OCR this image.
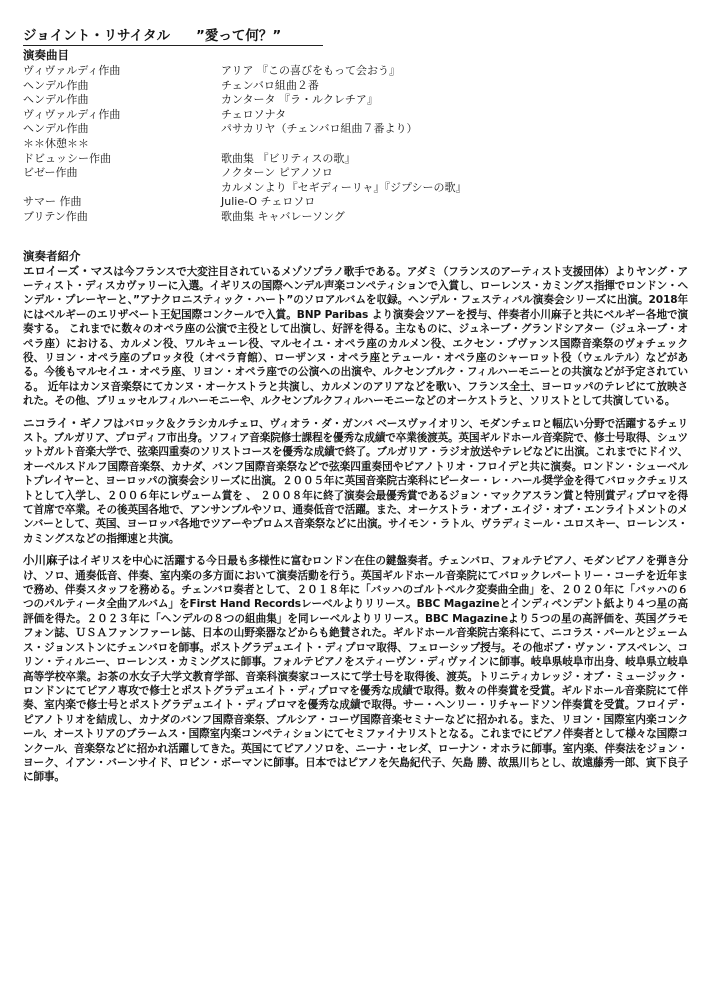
ジョイント・リサイタル ”愛って何？”
演奏曲目
ヴィヴァルディ作曲	アリア 『この喜びをもって会おう』
ヘンデル作曲	チェンバロ組曲２番
ヘンデル作曲	カンタータ 『ラ・ルクレチア』
ヴィヴァルディ作曲	チェロソナタ
ヘンデル作曲	パサカリヤ（チェンバロ組曲７番より）
＊＊休憩＊＊
ドビュッシー作曲	歌曲集 『ビリティスの歌』
ビゼー作曲	ノクターン ピアノソロ
カルメンより『セギディーリャ』『ジプシーの歌』
サマー 作曲	Julie-O チェロソロ
ブリテン作曲	歌曲集 キャバレーソング
演奏者紹介

エロイーズ・マスは今フランスで大変注目されているメゾソプラノ歌手である。アダミ（フランスのアーティスト支援団体）よりヤング・アーティスト・ディスカヴァリーに入選。イギリスの国際ヘンデル声楽コンペティションで入賞し、ローレンス・カミングス指揮でロンドン・ヘンデル・プレーヤーと、”アナクロニスティック・ハート”のソロアルバムを収録。ヘンデル・フェスティバル演奏会シリーズに出演。2018年にはベルギーのエリザベート王妃国際コンクールで入賞。BNP Paribas より演奏会ツアーを授与、伴奏者小川麻子と共にベルギー各地で演奏する。 これまでに数々のオペラ座の公演で主役として出演し、好評を得る。主なものに、ジュネーブ・グランドシアター（ジュネーブ・オペラ座）における、カルメン役、ワルキューレ役、マルセイユ・オペラ座のカルメン役、エクセン・プヴァンス国際音楽祭のヴォチェック役、リヨン・オペラ座のプロッタ役（オペラ育館）、ローザンヌ・オペラ座とテュール・オペラ座のシャーロット役（ウェルテル）などがある。今後もマルセイユ・オペラ座、リヨン・オペラ座での公演への出演や、ルクセンブルク・フィルハーモニーとの共演などが予定されている。 近年はカンヌ音楽祭にてカンヌ・オーケストラと共演し、カルメンのアリアなどを歌い、フランス全土、ヨーロッパのテレビにて放映された。その他、ブリュッセルフィルハーモニーや、ルクセンブルクフィルハーモニーなどのオーケストラと、ソリストとして共演している。

ニコライ・ギノフはバロック＆クラシカルチェロ、ヴィオラ・ダ・ガンバ ベースヴァイオリン、モダンチェロと幅広い分野で活躍するチェリスト。ブルガリア、プロディフ市出身。ソフィア音楽院修士課程を優秀な成績で卒業後渡英。英国ギルドホール音楽院で、修士号取得、シュツットガルト音楽大学で、弦楽四重奏のソリストコースを優秀な成績で終了。ブルガリア・ラジオ放送やテレビなどに出演。これまでにドイツ、オーベルスドルフ国際音楽祭、カナダ、バンフ国際音楽祭などで弦楽四重奏団やピアノトリオ・フロイデと共に演奏。ロンドン・シューベルトプレイヤーと、ヨーロッパの演奏会シリーズに出演。２００５年に英国音楽院古楽科にピーター・レ・ハール奨学金を得てバロックチェリストとして入学し、２００６年にレヴューム賞を 、 ２００８年に終了演奏会最優秀賞であるジョン・マックアスラン賞と特別賞ディプロマを得て首席で卒業。その後英国各地で、アンサンブルやソロ、通奏低音で活躍。また、オーケストラ・オブ・エイジ・オブ・エンライトメントのメンバーとして、英国、ヨーロッパ各地でツアーやプロムス音楽祭などに出演。サイモン・ラトル、ヴラディミール・ユロスキー、ローレンス・カミングスなどの指揮速と共演。

小川麻子はイギリスを中心に活躍する今日最も多様性に富むロンドン在住の鍵盤奏者。チェンバロ、フォルテピアノ、モダンピアノを弾き分け、ソロ、通奏低音、伴奏、室内楽の多方面において演奏活動を行う。英国ギルドホール音楽院にてバロックレパートリー・コーチを近年まで務め、伴奏スタッフを務める。チェンバロ奏者として、２０１８年に「バッハのゴルトベルク変奏曲全曲」を、２０２０年に「バッハの６つのパルティータ全曲アルバム」をFirst Hand Recordsレーベルよりリリース。BBC Magazineとインディペンデント紙より４つ星の高評価を得た。２０２３年に「ヘンデルの８つの組曲集」を同レーベルよりリリース。BBC Magazineより５つの星の高評価を、英国グラモフォン誌、ＵＳＡファンファーレ誌、日本の山野楽器などからも絶賛された。ギルドホール音楽院古楽科にて、ニコラス・パールとジェームス・ジョンストンにチェンバロを師事。ポストグラデュエイト・ディプロマ取得、フェローシップ授与。その他ボブ・ヴァン・アスペレン、コリン・ティルニー、ローレンス・カミングスに師事。フォルテピアノをスティーヴン・ディヴァインに師事。岐阜県岐阜市出身、岐阜県立岐阜高等学校卒業。お茶の水女子大学文教育学部、音楽科演奏家コースにて学士号を取得後、渡英。トリニティカレッジ・オブ・ミュージック・ロンドンにてピアノ専攻で修士とポストグラデュエイト・ディプロマを優秀な成績で取得。数々の伴奏賞を受賞。ギルドホール音楽院にて伴奏、室内楽で修士号とポストグラデュエイト・ディプロマを優秀な成績で取得。サー・ヘンリー・リチャードソン伴奏賞を受賞。フロイデ・ピアノトリオを結成し、カナダのバンフ国際音楽祭、ブルシア・コーヴ国際音楽セミナーなどに招かれる。また、リヨン・国際室内楽コンクール、オーストリアのブラームス・国際室内楽コンペティションにてセミファイナリストとなる。これまでにピアノ伴奏者として様々な国際コンクール、音楽祭などに招かれ活躍してきた。英国にてピアノソロを、ニーナ・セレダ、ローナン・オホラに師事。室内楽、伴奏法をジョン・ヨーク、イアン・バーンサイド、ロビン・ボーマンに師事。日本ではピアノを矢島紀代子、矢島 勝、故黒川ちとし、故遠藤秀一郎、寅下良子に師事。
